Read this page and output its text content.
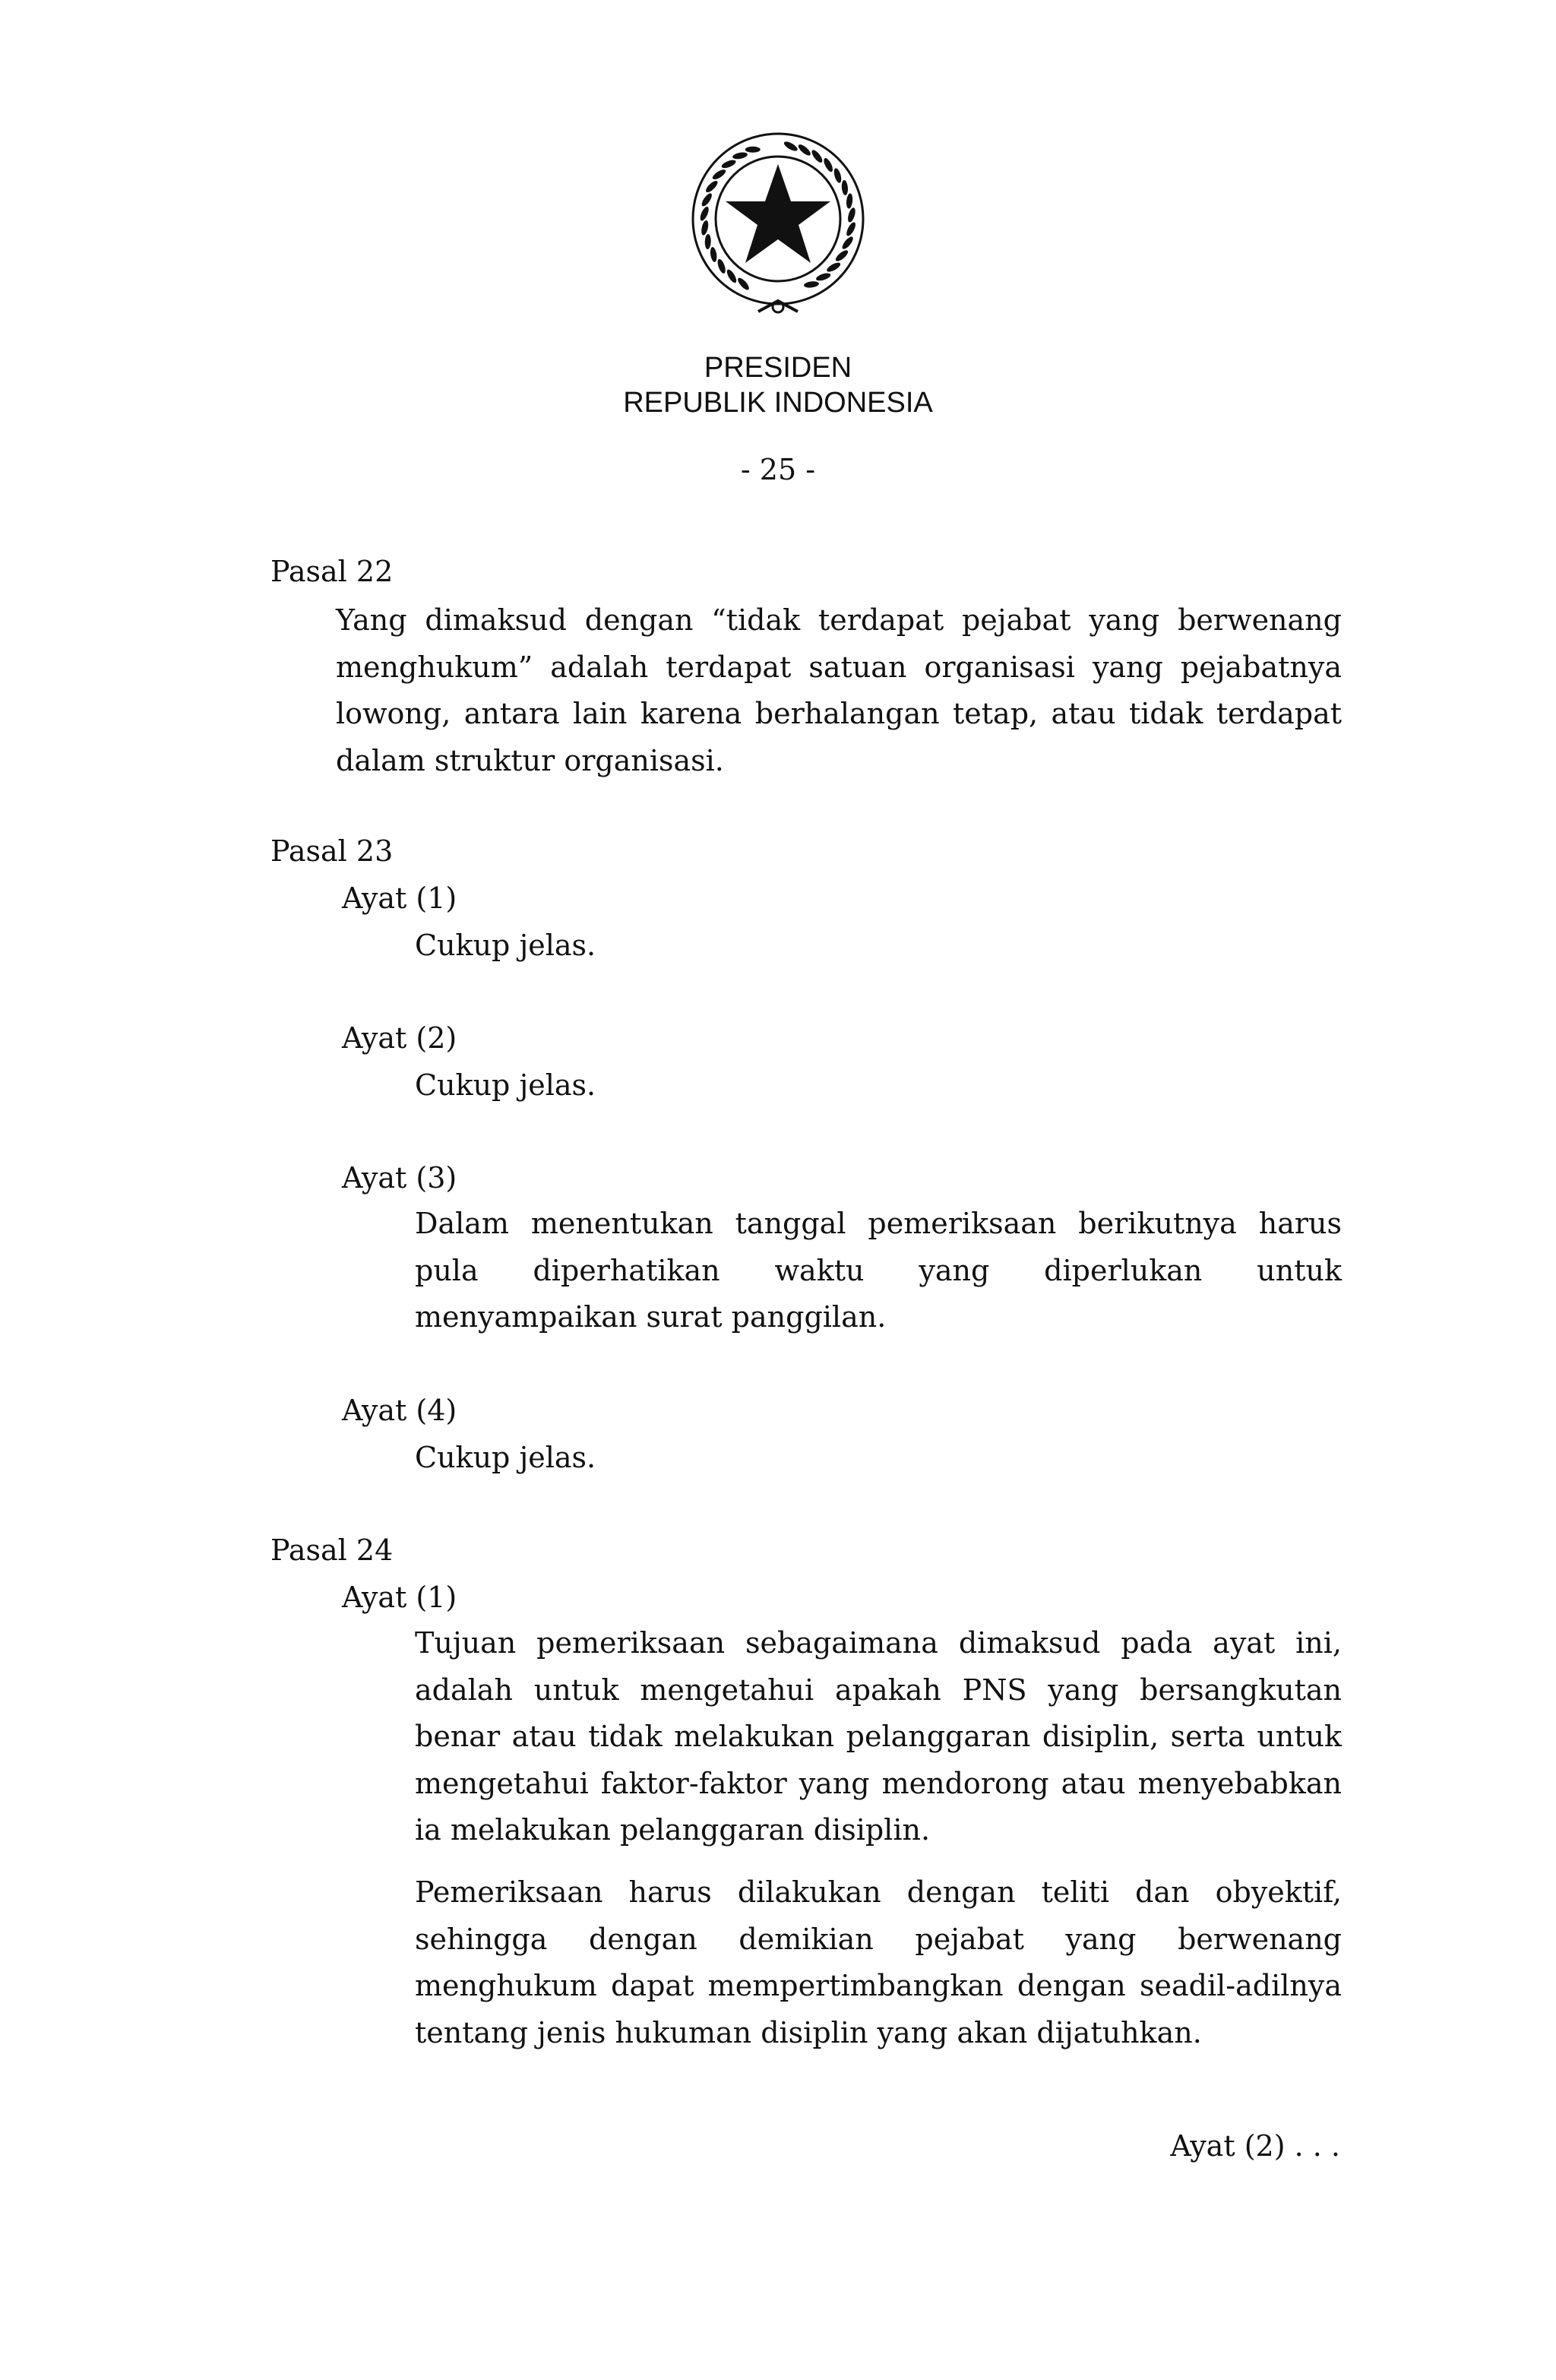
PRESIDEN
REPUBLIK INDONESIA
- 25 -
Pasal 22
Yang dimaksud dengan “tidak terdapat pejabat yang berwenang menghukum” adalah terdapat satuan organisasi yang pejabatnya lowong, antara lain karena berhalangan tetap, atau tidak terdapat dalam struktur organisasi.
Pasal 23
Ayat (1)
Cukup jelas.
Ayat (2)
Cukup jelas.
Ayat (3)
Dalam menentukan tanggal pemeriksaan berikutnya harus pula diperhatikan waktu yang diperlukan untuk menyampaikan surat panggilan.
Ayat (4)
Cukup jelas.
Pasal 24
Ayat (1)
Tujuan pemeriksaan sebagaimana dimaksud pada ayat ini, adalah untuk mengetahui apakah PNS yang bersangkutan benar atau tidak melakukan pelanggaran disiplin, serta untuk mengetahui faktor-faktor yang mendorong atau menyebabkan ia melakukan pelanggaran disiplin.
Pemeriksaan harus dilakukan dengan teliti dan obyektif, sehingga dengan demikian pejabat yang berwenang menghukum dapat mempertimbangkan dengan seadil-adilnya tentang jenis hukuman disiplin yang akan dijatuhkan.
Ayat (2) . . .
